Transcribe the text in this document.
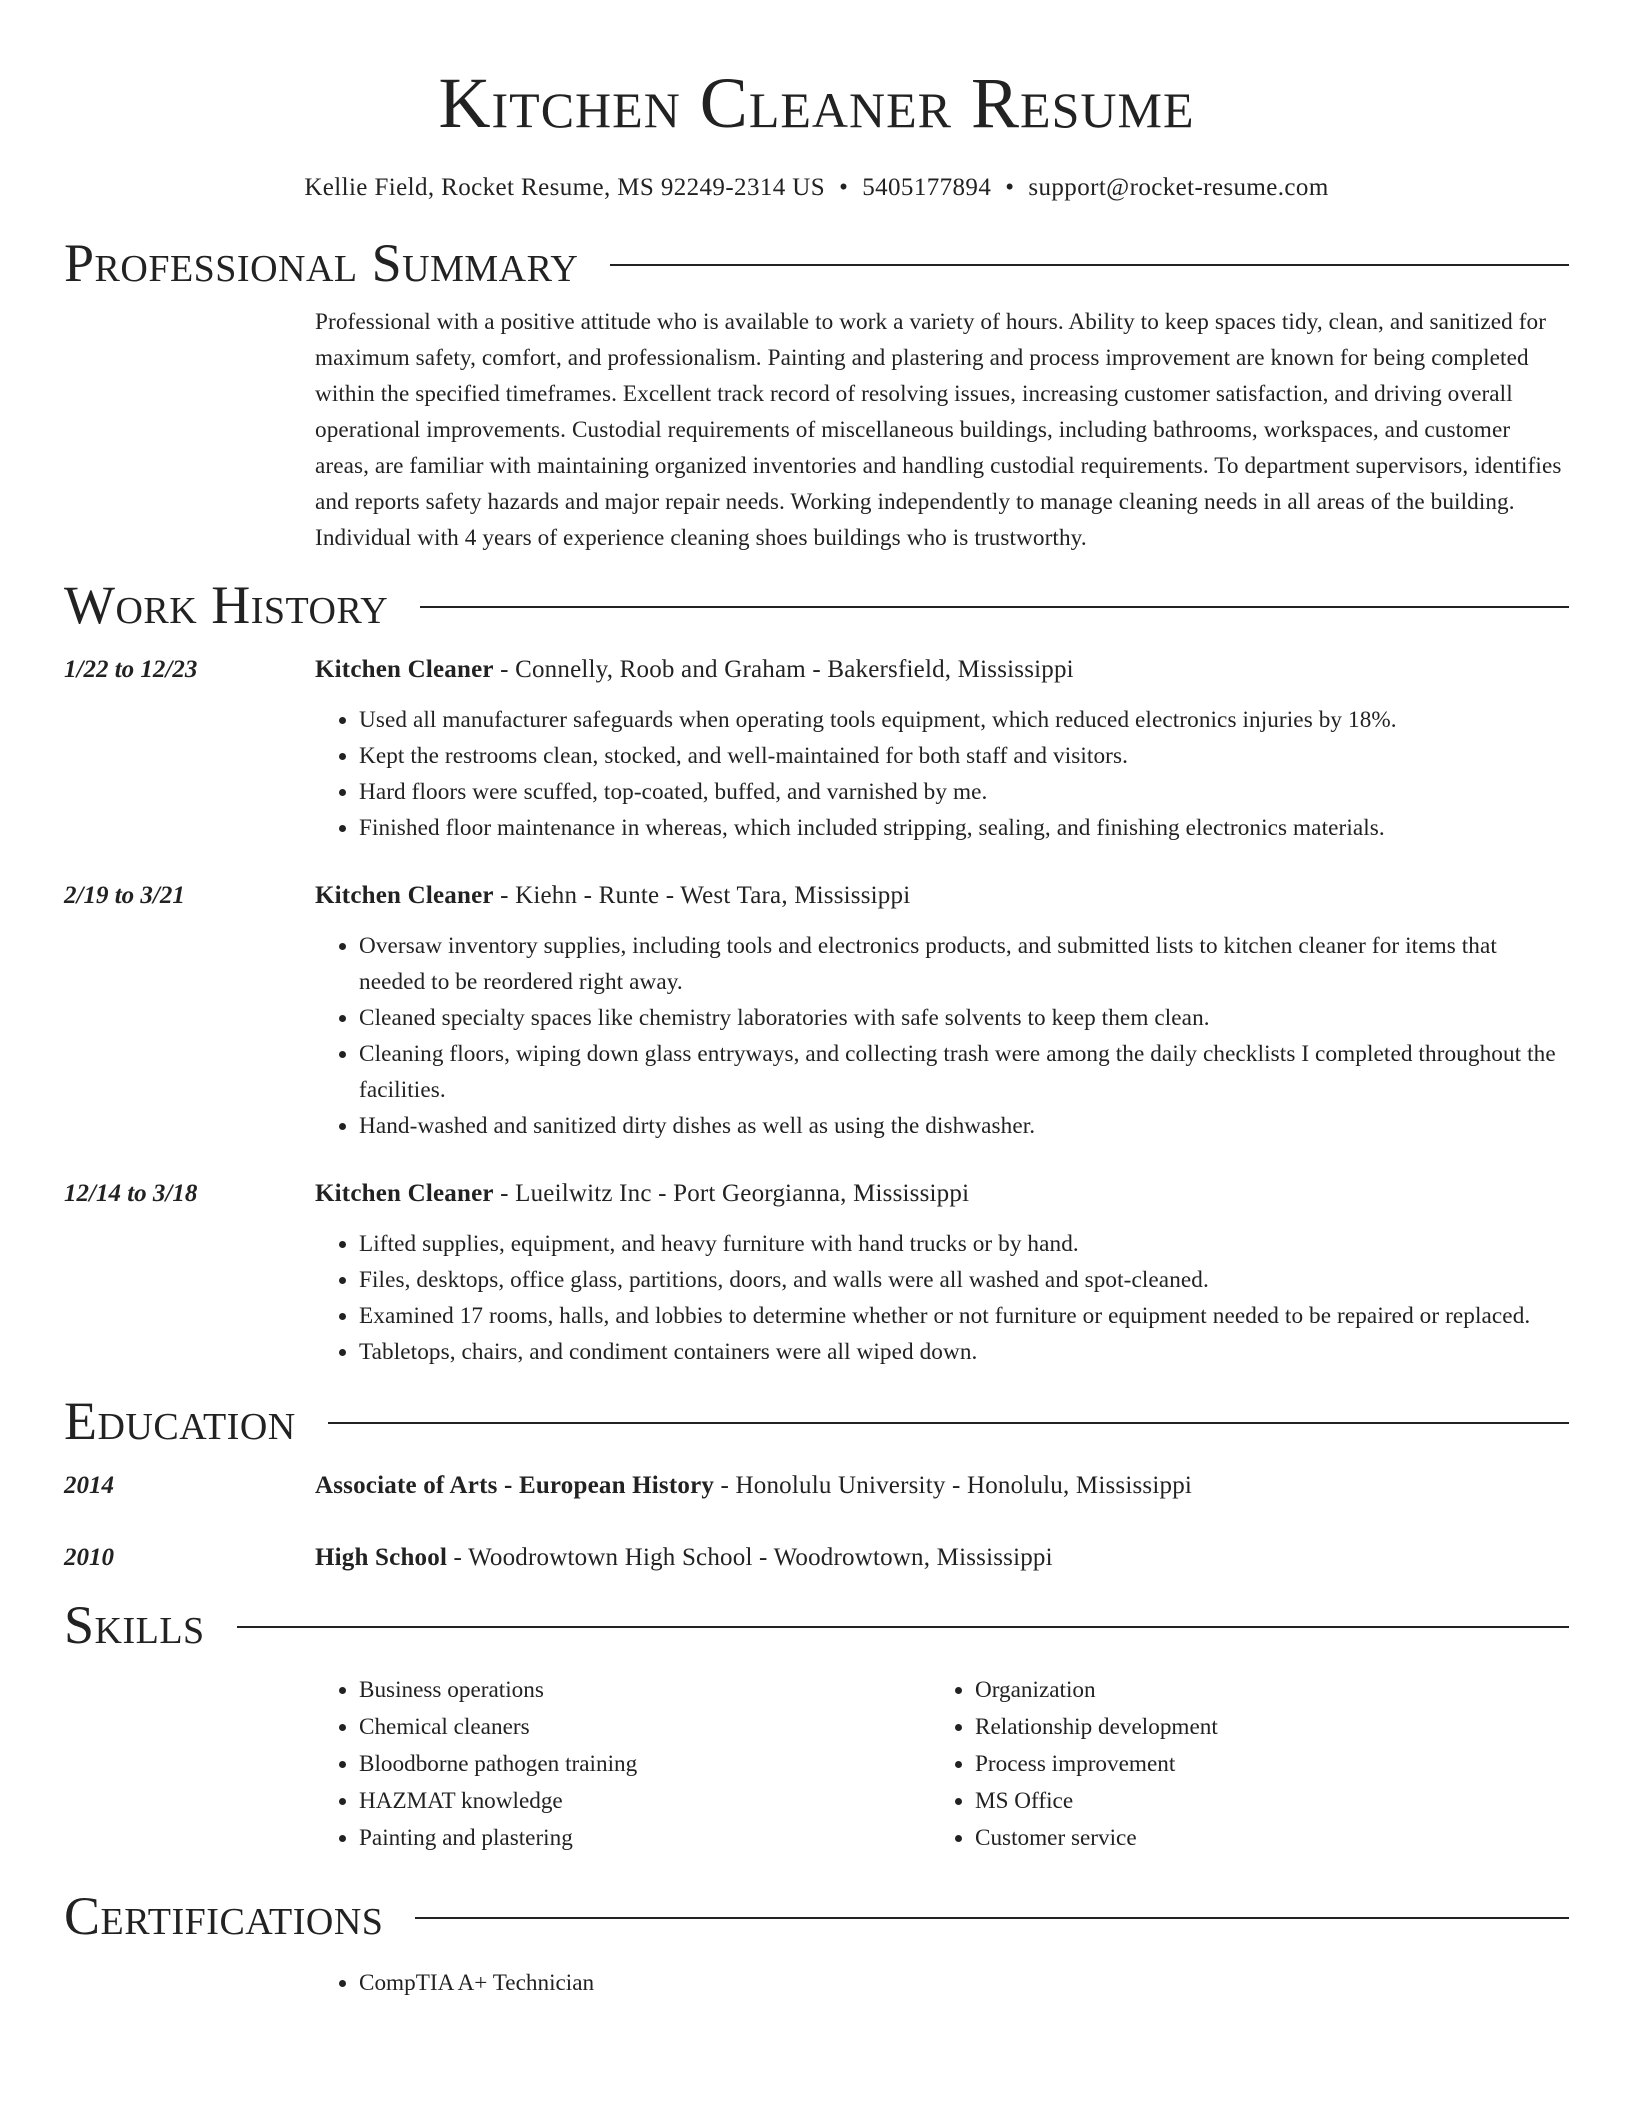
Kitchen Cleaner Resume
Kellie Field, Rocket Resume, MS 92249-2314 US • 5405177894 • support@rocket-resume.com
Professional Summary
Professional with a positive attitude who is available to work a variety of hours. Ability to keep spaces tidy, clean, and sanitized for maximum safety, comfort, and professionalism. Painting and plastering and process improvement are known for being completed within the specified timeframes. Excellent track record of resolving issues, increasing customer satisfaction, and driving overall operational improvements. Custodial requirements of miscellaneous buildings, including bathrooms, workspaces, and customer areas, are familiar with maintaining organized inventories and handling custodial requirements. To department supervisors, identifies and reports safety hazards and major repair needs. Working independently to manage cleaning needs in all areas of the building. Individual with 4 years of experience cleaning shoes buildings who is trustworthy.
Work History
1/22 to 12/23	Kitchen Cleaner - Connelly, Roob and Graham - Bakersfield, Mississippi
• Used all manufacturer safeguards when operating tools equipment, which reduced electronics injuries by 18%.
• Kept the restrooms clean, stocked, and well-maintained for both staff and visitors.
• Hard floors were scuffed, top-coated, buffed, and varnished by me.
• Finished floor maintenance in whereas, which included stripping, sealing, and finishing electronics materials.
2/19 to 3/21	Kitchen Cleaner - Kiehn - Runte - West Tara, Mississippi
• Oversaw inventory supplies, including tools and electronics products, and submitted lists to kitchen cleaner for items that needed to be reordered right away.
• Cleaned specialty spaces like chemistry laboratories with safe solvents to keep them clean.
• Cleaning floors, wiping down glass entryways, and collecting trash were among the daily checklists I completed throughout the facilities.
• Hand-washed and sanitized dirty dishes as well as using the dishwasher.
12/14 to 3/18	Kitchen Cleaner - Lueilwitz Inc - Port Georgianna, Mississippi
• Lifted supplies, equipment, and heavy furniture with hand trucks or by hand.
• Files, desktops, office glass, partitions, doors, and walls were all washed and spot-cleaned.
• Examined 17 rooms, halls, and lobbies to determine whether or not furniture or equipment needed to be repaired or replaced.
• Tabletops, chairs, and condiment containers were all wiped down.
Education
2014	Associate of Arts - European History - Honolulu University - Honolulu, Mississippi
2010	High School - Woodrowtown High School - Woodrowtown, Mississippi
Skills
• Business operations
• Chemical cleaners
• Bloodborne pathogen training
• HAZMAT knowledge
• Painting and plastering
• Organization
• Relationship development
• Process improvement
• MS Office
• Customer service
Certifications
• CompTIA A+ Technician
